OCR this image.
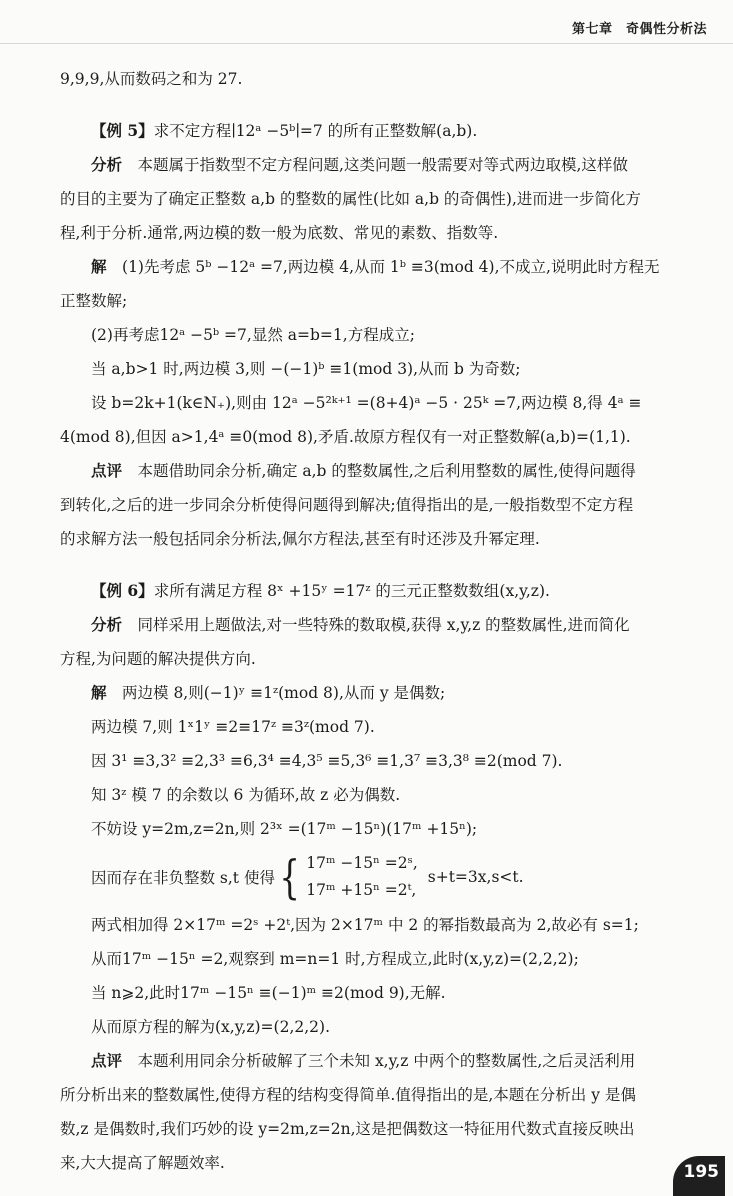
第七章　奇偶性分析法
9,9,9,从而数码之和为 27.
【例 5】求不定方程∣12ᵃ −5ᵇ∣=7 的所有正整数解(a,b).
分析　本题属于指数型不定方程问题,这类问题一般需要对等式两边取模,这样做
的目的主要为了确定正整数 a,b 的整数的属性(比如 a,b 的奇偶性),进而进一步简化方
程,利于分析.通常,两边模的数一般为底数、常见的素数、指数等.
解　(1)先考虑 5ᵇ −12ᵃ =7,两边模 4,从而 1ᵇ ≡3(mod 4),不成立,说明此时方程无
正整数解;
(2)再考虑12ᵃ −5ᵇ =7,显然 a=b=1,方程成立;
当 a,b>1 时,两边模 3,则 −(−1)ᵇ ≡1(mod 3),从而 b 为奇数;
设 b=2k+1(k∈N₊),则由 12ᵃ −5²ᵏ⁺¹ =(8+4)ᵃ −5 · 25ᵏ =7,两边模 8,得 4ᵃ ≡
4(mod 8),但因 a>1,4ᵃ ≡0(mod 8),矛盾.故原方程仅有一对正整数解(a,b)=(1,1).
点评　本题借助同余分析,确定 a,b 的整数属性,之后利用整数的属性,使得问题得
到转化,之后的进一步同余分析使得问题得到解决;值得指出的是,一般指数型不定方程
的求解方法一般包括同余分析法,佩尔方程法,甚至有时还涉及升幂定理.
【例 6】求所有满足方程 8ˣ +15ʸ =17ᶻ 的三元正整数数组(x,y,z).
分析　同样采用上题做法,对一些特殊的数取模,获得 x,y,z 的整数属性,进而简化
方程,为问题的解决提供方向.
解　两边模 8,则(−1)ʸ ≡1ᶻ(mod 8),从而 y 是偶数;
两边模 7,则 1ˣ1ʸ ≡2≡17ᶻ ≡3ᶻ(mod 7).
因 3¹ ≡3,3² ≡2,3³ ≡6,3⁴ ≡4,3⁵ ≡5,3⁶ ≡1,3⁷ ≡3,3⁸ ≡2(mod 7).
知 3ᶻ 模 7 的余数以 6 为循环,故 z 必为偶数.
不妨设 y=2m,z=2n,则 2³ˣ =(17ᵐ −15ⁿ)(17ᵐ +15ⁿ);
因而存在非负整数 s,t 使得 { 17ᵐ −15ⁿ =2ˢ,
17ᵐ +15ⁿ =2ᵗ,
s+t=3x,s<t.
两式相加得 2×17ᵐ =2ˢ +2ᵗ,因为 2×17ᵐ 中 2 的幂指数最高为 2,故必有 s=1;
从而17ᵐ −15ⁿ =2,观察到 m=n=1 时,方程成立,此时(x,y,z)=(2,2,2);
当 n⩾2,此时17ᵐ −15ⁿ ≡(−1)ᵐ ≡2(mod 9),无解.
从而原方程的解为(x,y,z)=(2,2,2).
点评　本题利用同余分析破解了三个未知 x,y,z 中两个的整数属性,之后灵活利用
所分析出来的整数属性,使得方程的结构变得简单.值得指出的是,本题在分析出 y 是偶
数,z 是偶数时,我们巧妙的设 y=2m,z=2n,这是把偶数这一特征用代数式直接反映出
来,大大提高了解题效率.	195
